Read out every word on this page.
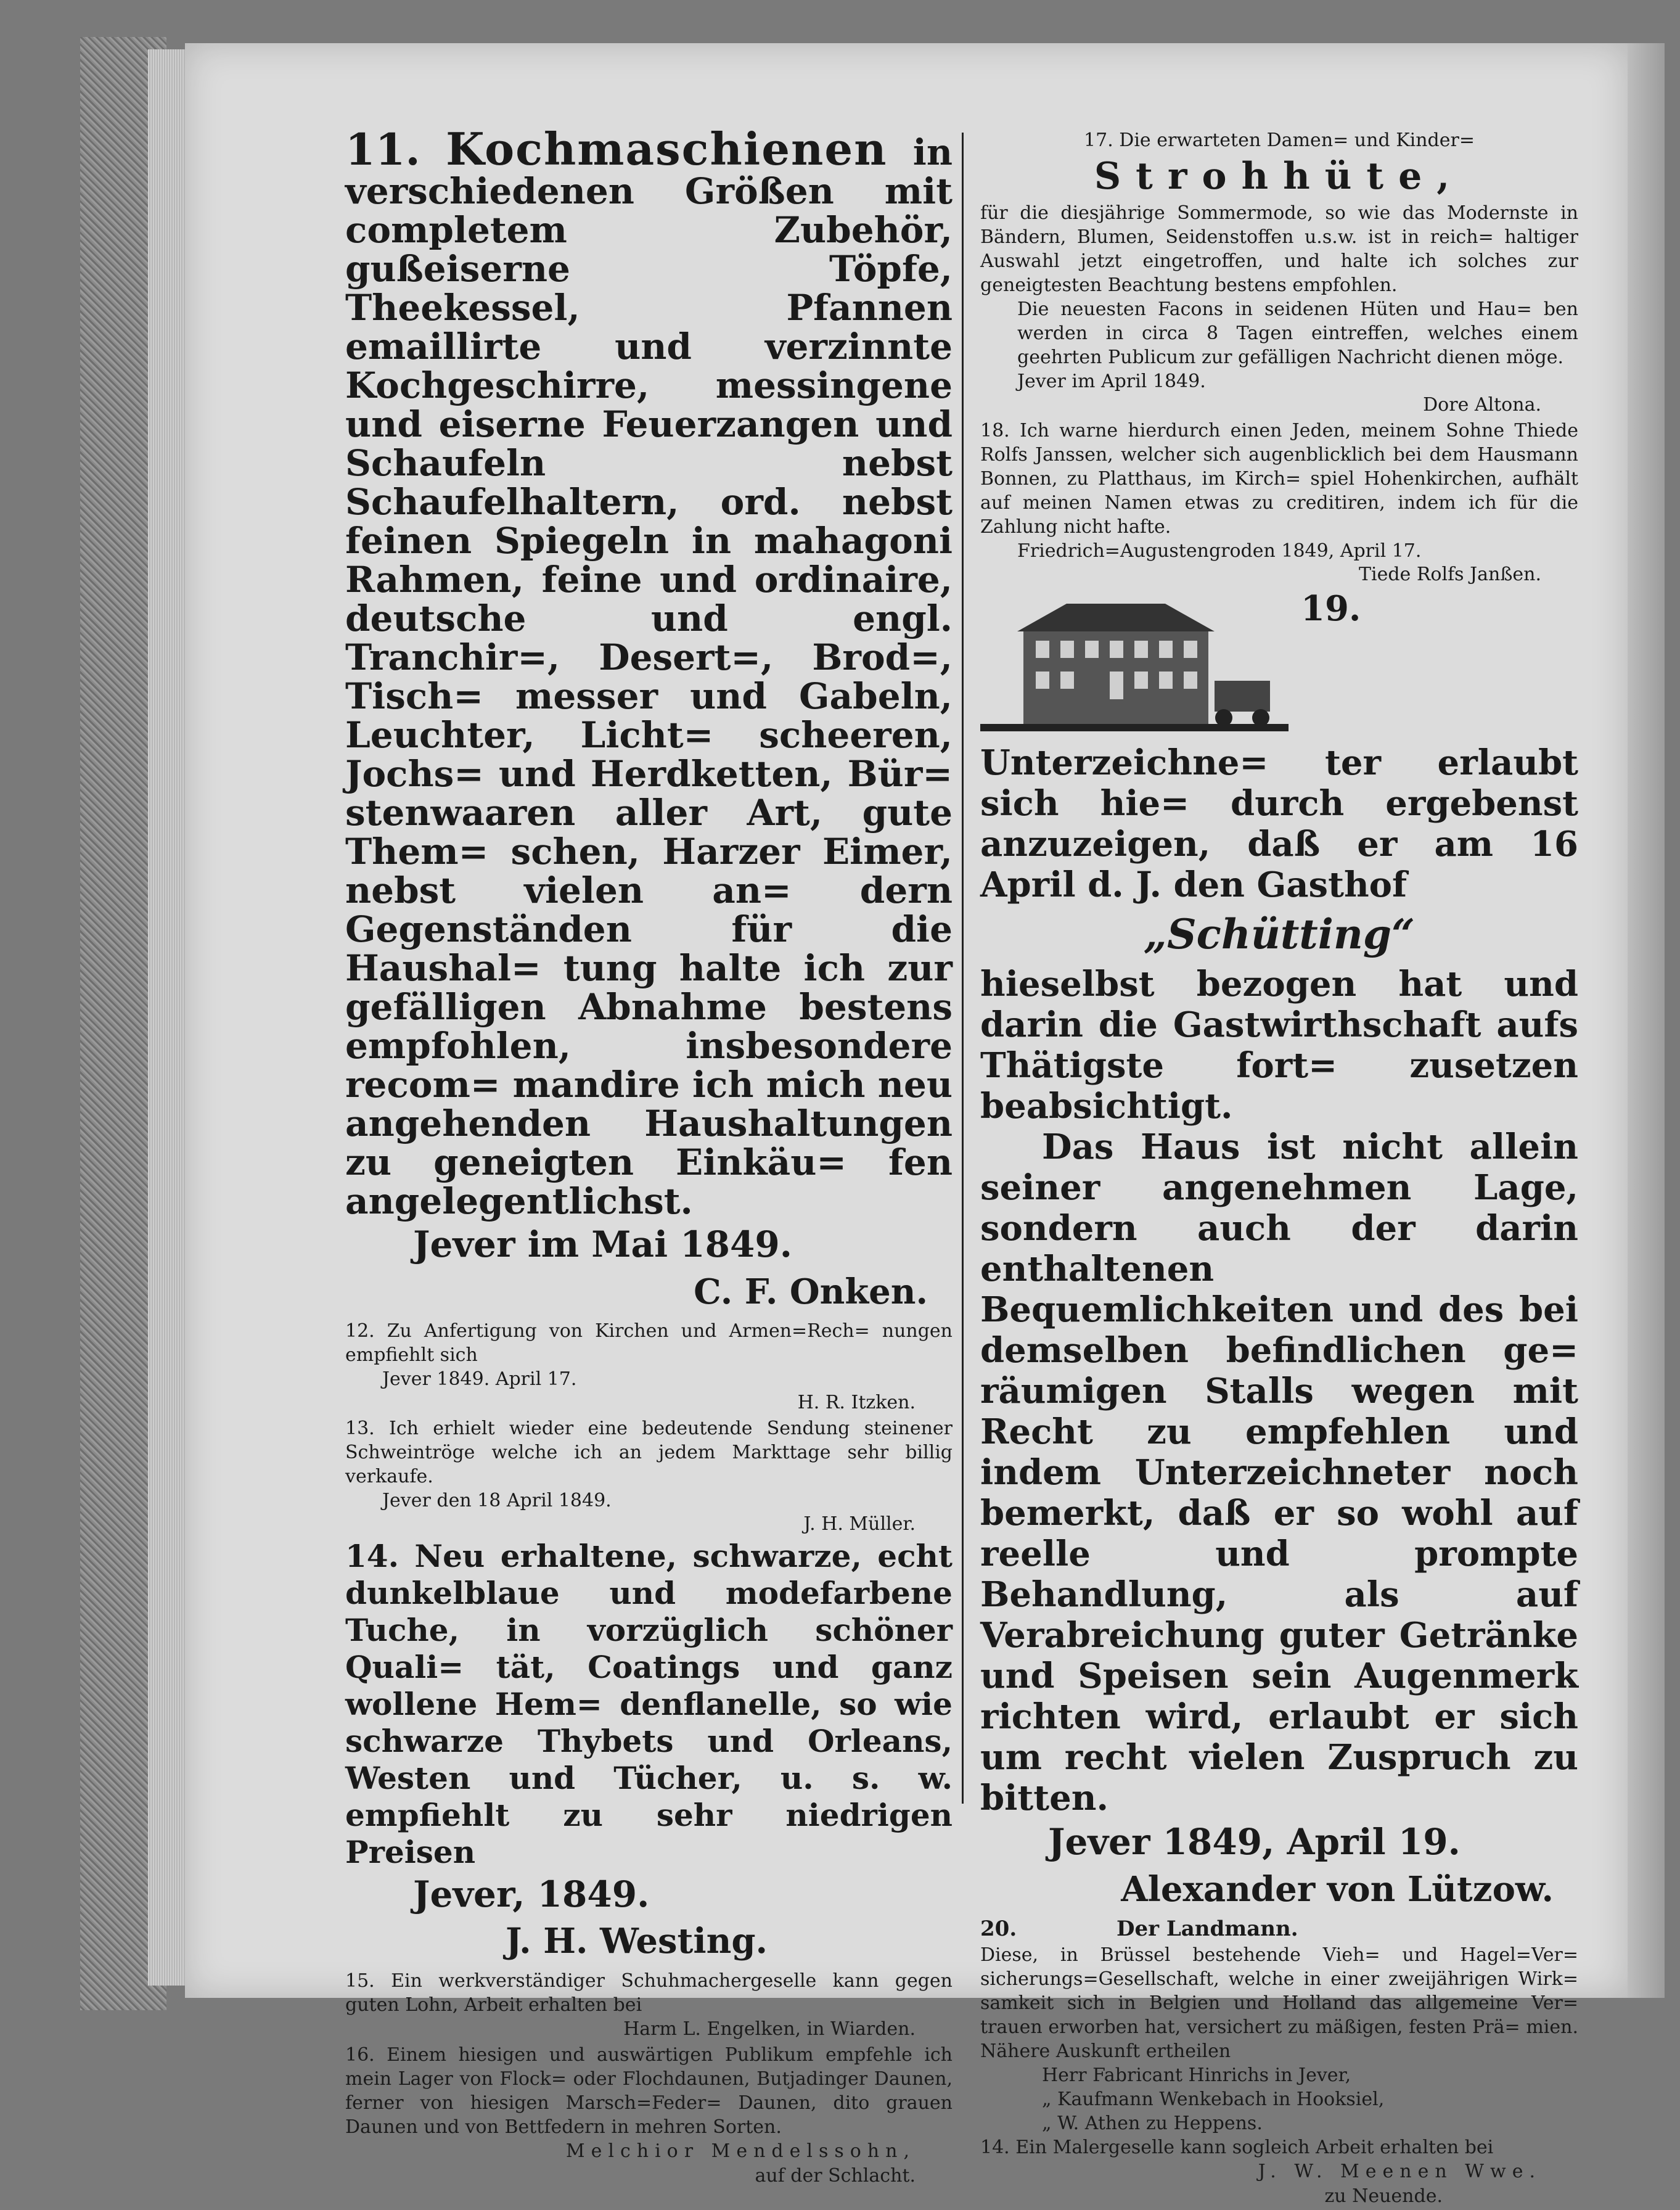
11. Kochmaschienen in verschiedenen Größen mit completem Zubehör, gußeiserne Töpfe, Theekessel, Pfannen emaillirte und verzinnte Kochgeschirre, messingene und eiserne Feuerzangen und Schaufeln nebst Schaufelhaltern, ord. nebst feinen Spiegeln in mahagoni Rahmen, feine und ordinaire, deutsche und engl. Tranchir=, Desert=, Brod=, Tisch= messer und Gabeln, Leuchter, Licht= scheeren, Jochs= und Herdketten, Bür= stenwaaren aller Art, gute Them= schen, Harzer Eimer, nebst vielen an= dern Gegenständen für die Haushal= tung halte ich zur gefälligen Abnahme bestens empfohlen, insbesondere recom= mandire ich mich neu angehenden Haushaltungen zu geneigten Einkäu= fen angelegentlichst.
Jever im Mai 1849.
C. F. Onken.
12. Zu Anfertigung von Kirchen und Armen=Rech= nungen empfiehlt sich
Jever 1849. April 17.
H. R. Itzken.
13. Ich erhielt wieder eine bedeutende Sendung steinener Schweintröge welche ich an jedem Markttage sehr billig verkaufe.
Jever den 18 April 1849.
J. H. Müller.
14. Neu erhaltene, schwarze, echt dunkelblaue und modefarbene Tuche, in vorzüglich schöner Quali= tät, Coatings und ganz wollene Hem= denflanelle, so wie schwarze Thybets und Orleans, Westen und Tücher, u. s. w. empfiehlt zu sehr niedrigen Preisen
Jever, 1849.
J. H. Westing.
15. Ein werkverständiger Schuhmachergeselle kann gegen guten Lohn, Arbeit erhalten bei
Harm L. Engelken, in Wiarden.
16. Einem hiesigen und auswärtigen Publikum empfehle ich mein Lager von Flock= oder Flochdaunen, Butjadinger Daunen, ferner von hiesigen Marsch=Feder= Daunen, dito grauen Daunen und von Bettfedern in mehren Sorten.
Melchior Mendelssohn,
auf der Schlacht.
17. Die erwarteten Damen= und Kinder=
Strohhüte,
für die diesjährige Sommermode, so wie das Modernste in Bändern, Blumen, Seidenstoffen u.s.w. ist in reich= haltiger Auswahl jetzt eingetroffen, und halte ich solches zur geneigtesten Beachtung bestens empfohlen.
Die neuesten Facons in seidenen Hüten und Hau= ben werden in circa 8 Tagen eintreffen, welches einem geehrten Publicum zur gefälligen Nachricht dienen möge.
Jever im April 1849.
Dore Altona.
18. Ich warne hierdurch einen Jeden, meinem Sohne Thiede Rolfs Janssen, welcher sich augenblicklich bei dem Hausmann Bonnen, zu Platthaus, im Kirch= spiel Hohenkirchen, aufhält auf meinen Namen etwas zu creditiren, indem ich für die Zahlung nicht hafte.
Friedrich=Augustengroden 1849, April 17.
Tiede Rolfs Janßen.
19. Unterzeichne= ter erlaubt sich hie= durch ergebenst anzuzeigen, daß er am 16 April d. J. den Gasthof
„Schütting“
hieselbst bezogen hat und darin die Gastwirthschaft aufs Thätigste fort= zusetzen beabsichtigt.
Das Haus ist nicht allein seiner angenehmen Lage, sondern auch der darin enthaltenen Bequemlichkeiten und des bei demselben befindlichen ge= räumigen Stalls wegen mit Recht zu empfehlen und indem Unterzeichneter noch bemerkt, daß er so wohl auf reelle und prompte Behandlung, als auf Verabreichung guter Getränke und Speisen sein Augenmerk richten wird, erlaubt er sich um recht vielen Zuspruch zu bitten.
Jever 1849, April 19.
Alexander von Lützow.
20.	Der Landmann.
Diese, in Brüssel bestehende Vieh= und Hagel=Ver= sicherungs=Gesellschaft, welche in einer zweijährigen Wirk= samkeit sich in Belgien und Holland das allgemeine Ver= trauen erworben hat, versichert zu mäßigen, festen Prä= mien. Nähere Auskunft ertheilen
Herr Fabricant Hinrichs in Jever,
„ Kaufmann Wenkebach in Hooksiel,
„ W. Athen zu Heppens.
14. Ein Malergeselle kann sogleich Arbeit erhalten bei
J. W. Meenen Wwe.
zu Neuende.
